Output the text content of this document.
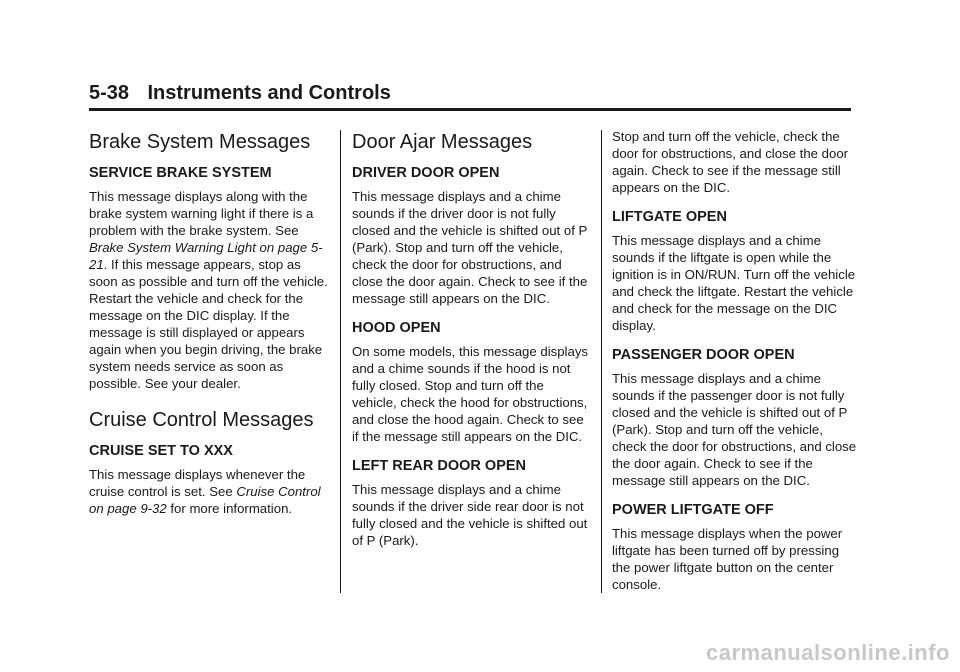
5-38 Instruments and Controls
Brake System Messages
SERVICE BRAKE SYSTEM

This message displays along with the brake system warning light if there is a problem with the brake system. See Brake System Warning Light on page 5-21. If this message appears, stop as soon as possible and turn off the vehicle. Restart the vehicle and check for the message on the DIC display. If the message is still displayed or appears again when you begin driving, the brake system needs service as soon as possible. See your dealer.

Cruise Control Messages
CRUISE SET TO XXX

This message displays whenever the cruise control is set. See Cruise Control on page 9-32 for more information.

Door Ajar Messages
DRIVER DOOR OPEN

This message displays and a chime sounds if the driver door is not fully closed and the vehicle is shifted out of P (Park). Stop and turn off the vehicle, check the door for obstructions, and close the door again. Check to see if the message still appears on the DIC.

HOOD OPEN

On some models, this message displays and a chime sounds if the hood is not fully closed. Stop and turn off the vehicle, check the hood for obstructions, and close the hood again. Check to see if the message still appears on the DIC.

LEFT REAR DOOR OPEN

This message displays and a chime sounds if the driver side rear door is not fully closed and the vehicle is shifted out of P (Park).

Stop and turn off the vehicle, check the door for obstructions, and close the door again. Check to see if the message still appears on the DIC.

LIFTGATE OPEN

This message displays and a chime sounds if the liftgate is open while the ignition is in ON/RUN. Turn off the vehicle and check the liftgate. Restart the vehicle and check for the message on the DIC display.

PASSENGER DOOR OPEN

This message displays and a chime sounds if the passenger door is not fully closed and the vehicle is shifted out of P (Park). Stop and turn off the vehicle, check the door for obstructions, and close the door again. Check to see if the message still appears on the DIC.

POWER LIFTGATE OFF

This message displays when the power liftgate has been turned off by pressing the power liftgate button on the center console.

carmanualsonline.info
